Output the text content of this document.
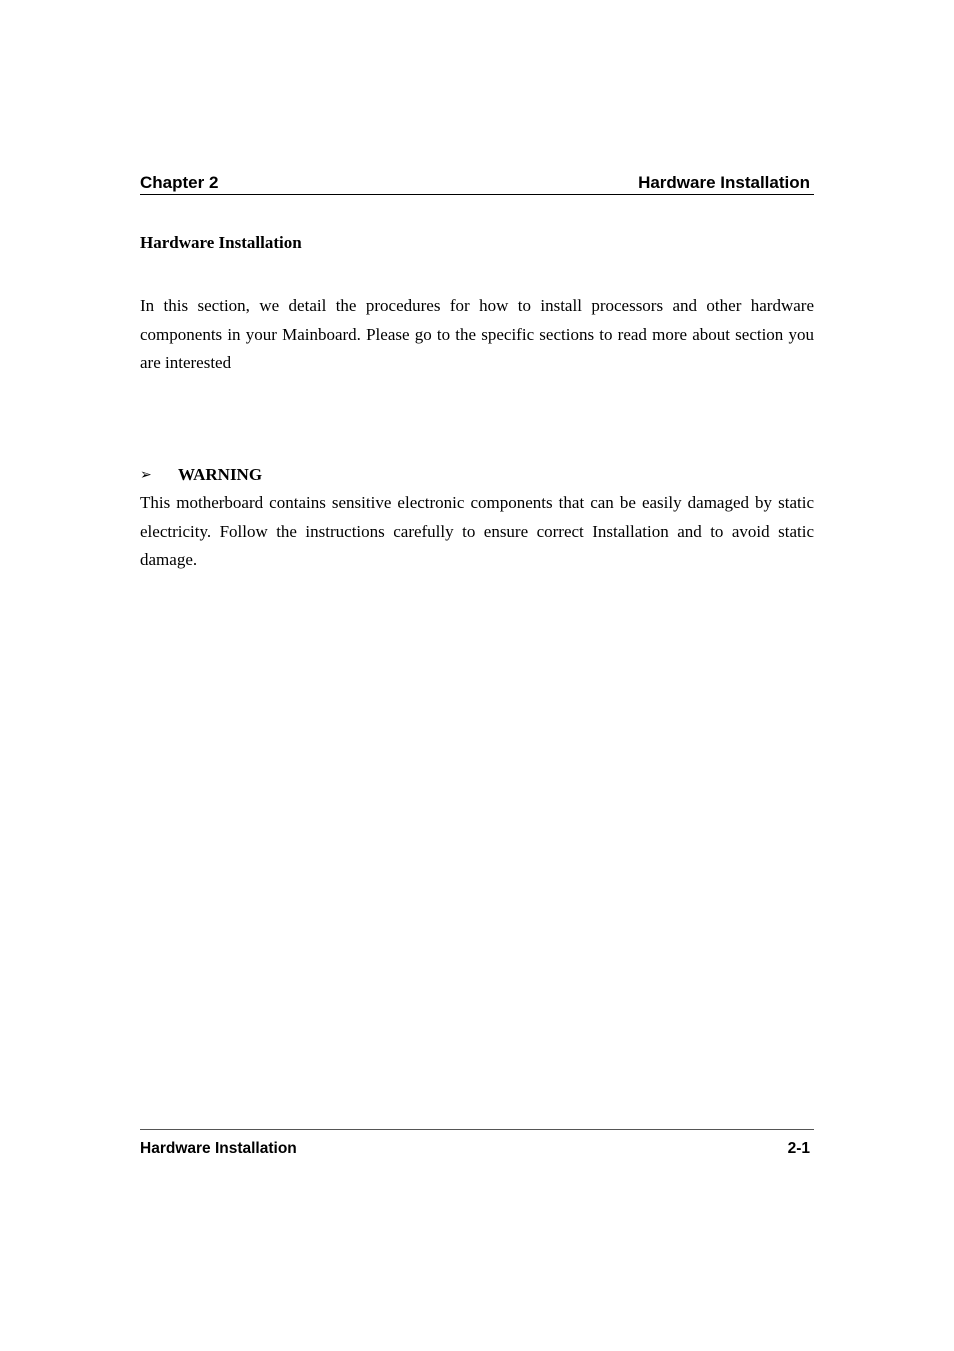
Chapter 2	Hardware Installation
Hardware Installation

In this section, we detail the procedures for how to install processors and other hardware components in your Mainboard. Please go to the specific sections to read more about section you are interested

➢	WARNING

This motherboard contains sensitive electronic components that can be easily damaged by static electricity. Follow the instructions carefully to ensure correct Installation and to avoid static damage.

Hardware Installation	2-1
